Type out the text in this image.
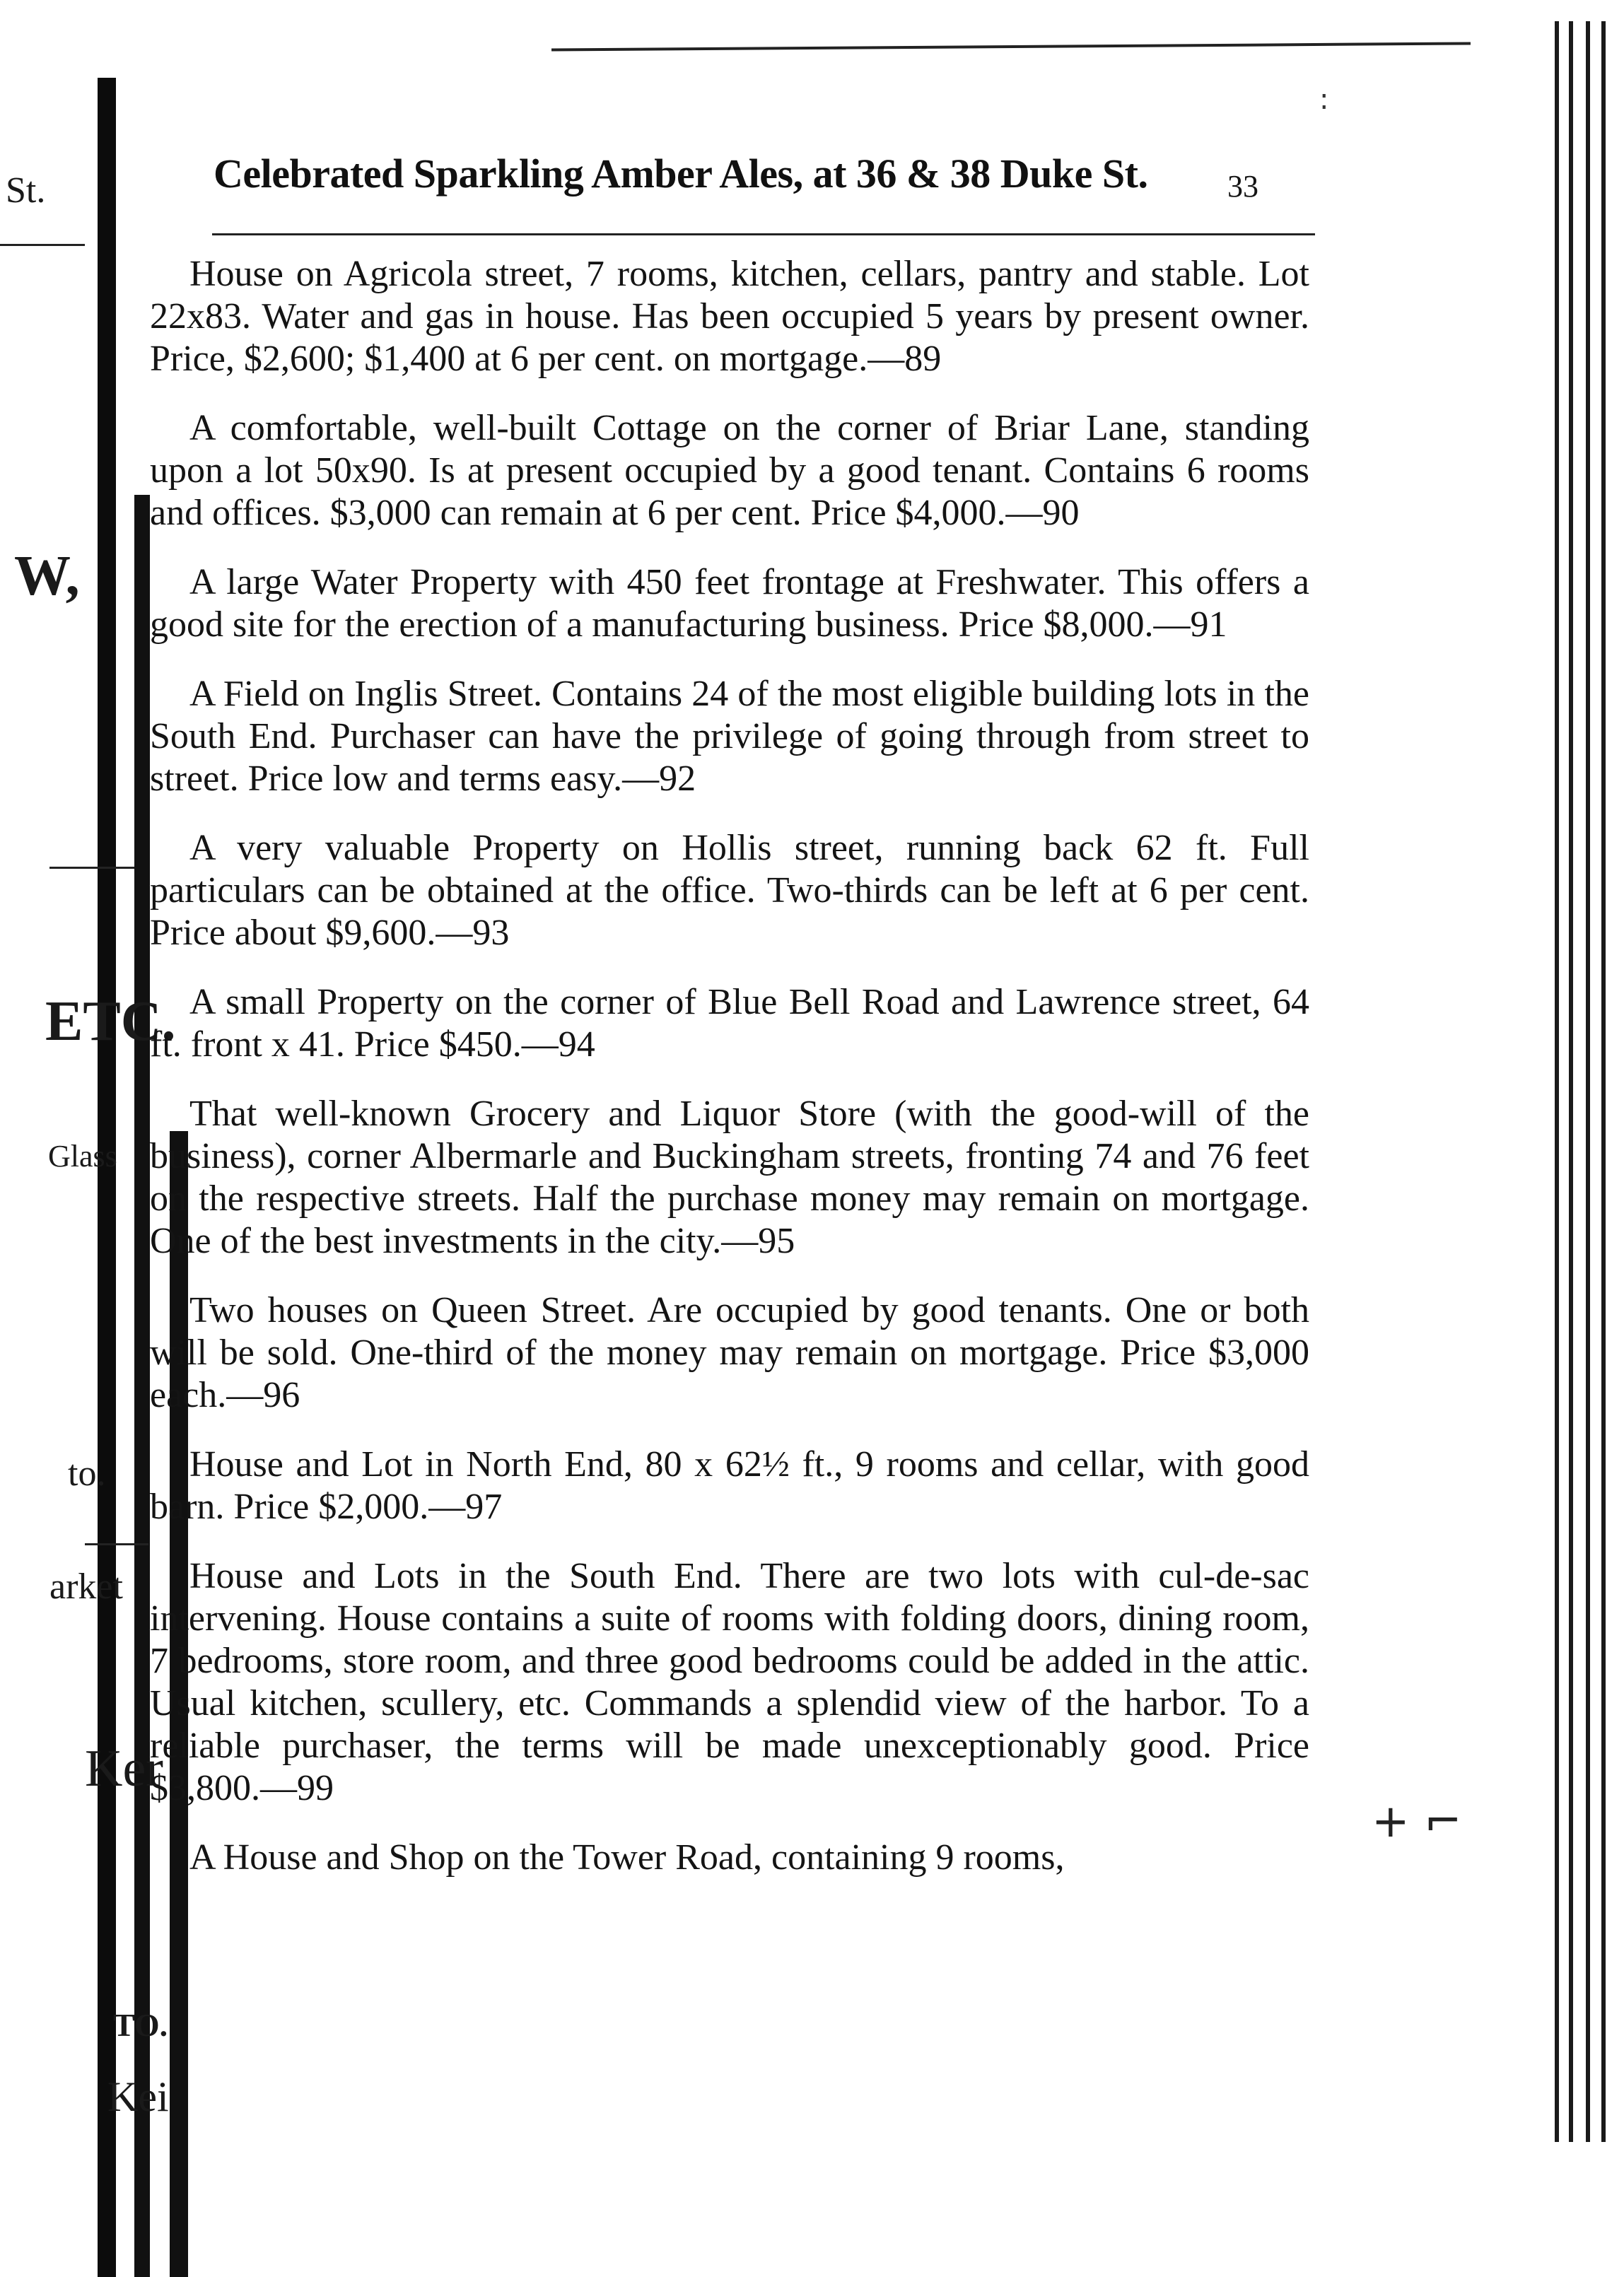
St.
W,
ETC.
Glass
to.
arket
Ker
TO.
Kei
:
+ ⌐
Celebrated Sparkling Amber Ales, at 36 & 38 Duke St.	33

House on Agricola street, 7 rooms, kitchen, cellars, pantry and stable. Lot 22x83. Water and gas in house. Has been occupied 5 years by present owner. Price, $2,600; $1,400 at 6 per cent. on mortgage. — 89

A comfortable, well-built Cottage on the corner of Briar Lane, standing upon a lot 50x90. Is at present occupied by a good tenant. Contains 6 rooms and offices. $3,000 can remain at 6 per cent. Price $4,000. — 90

A large Water Property with 450 feet frontage at Freshwater. This offers a good site for the erection of a manufacturing business. Price $8,000. — 91

A Field on Inglis Street. Contains 24 of the most eligible building lots in the South End. Purchaser can have the privilege of going through from street to street. Price low and terms easy. — 92

A very valuable Property on Hollis street, running back 62 ft. Full particulars can be obtained at the office. Two-thirds can be left at 6 per cent. Price about $9,600. — 93

A small Property on the corner of Blue Bell Road and Lawrence street, 64 ft. front x 41. Price $450. — 94

That well-known Grocery and Liquor Store (with the good-will of the business), corner Albermarle and Buckingham streets, fronting 74 and 76 feet on the respective streets. Half the purchase money may remain on mortgage. One of the best investments in the city. — 95

Two houses on Queen Street. Are occupied by good tenants. One or both will be sold. One-third of the money may remain on mortgage. Price $3,000 each. — 96

House and Lot in North End, 80 x 62½ ft., 9 rooms and cellar, with good barn. Price $2,000. — 97

House and Lots in the South End. There are two lots with cul-de-sac intervening. House contains a suite of rooms with folding doors, dining room, 7 bedrooms, store room, and three good bedrooms could be added in the attic. Usual kitchen, scullery, etc. Commands a splendid view of the harbor. To a reliable purchaser, the terms will be made unexceptionably good. Price $3,800. — 99

A House and Shop on the Tower Road, containing 9 rooms,
